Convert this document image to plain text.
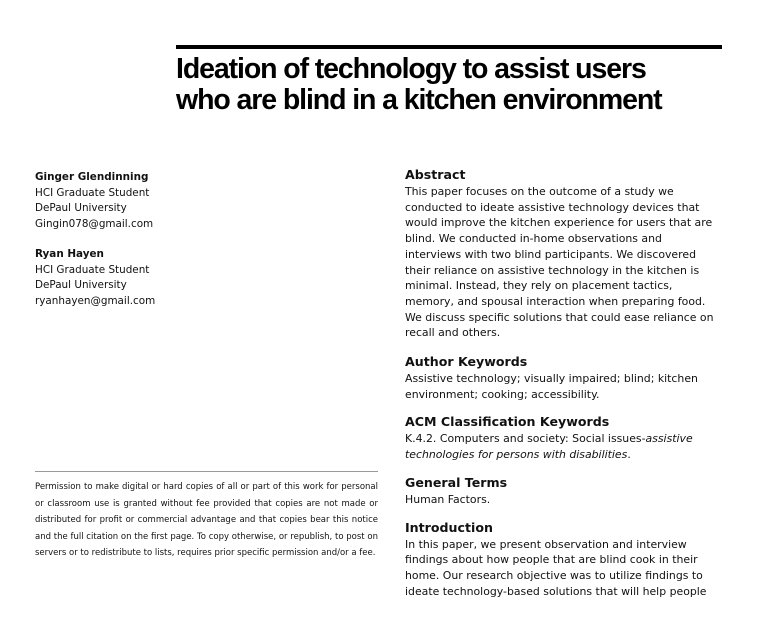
Ideation of technology to assist users
who are blind in a kitchen environment
Ginger Glendinning
HCI Graduate Student
DePaul University
Gingin078@gmail.com
Ryan Hayen
HCI Graduate Student
DePaul University
ryanhayen@gmail.com

Permission to make digital or hard copies of all or part of this work for personal or classroom use is granted without fee provided that copies are not made or distributed for profit or commercial advantage and that copies bear this notice and the full citation on the first page. To copy otherwise, or republish, to post on servers or to redistribute to lists, requires prior specific permission and/or a fee.

Abstract
This paper focuses on the outcome of a study we
conducted to ideate assistive technology devices that
would improve the kitchen experience for users that are
blind. We conducted in-home observations and
interviews with two blind participants. We discovered
their reliance on assistive technology in the kitchen is
minimal. Instead, they rely on placement tactics,
memory, and spousal interaction when preparing food.
We discuss specific solutions that could ease reliance on
recall and others.
Author Keywords
Assistive technology; visually impaired; blind; kitchen
environment; cooking; accessibility.
ACM Classification Keywords
K.4.2. Computers and society: Social issues-assistive
technologies for persons with disabilities.
General Terms
Human Factors.
Introduction
In this paper, we present observation and interview
findings about how people that are blind cook in their
home. Our research objective was to utilize findings to
ideate technology-based solutions that will help people
